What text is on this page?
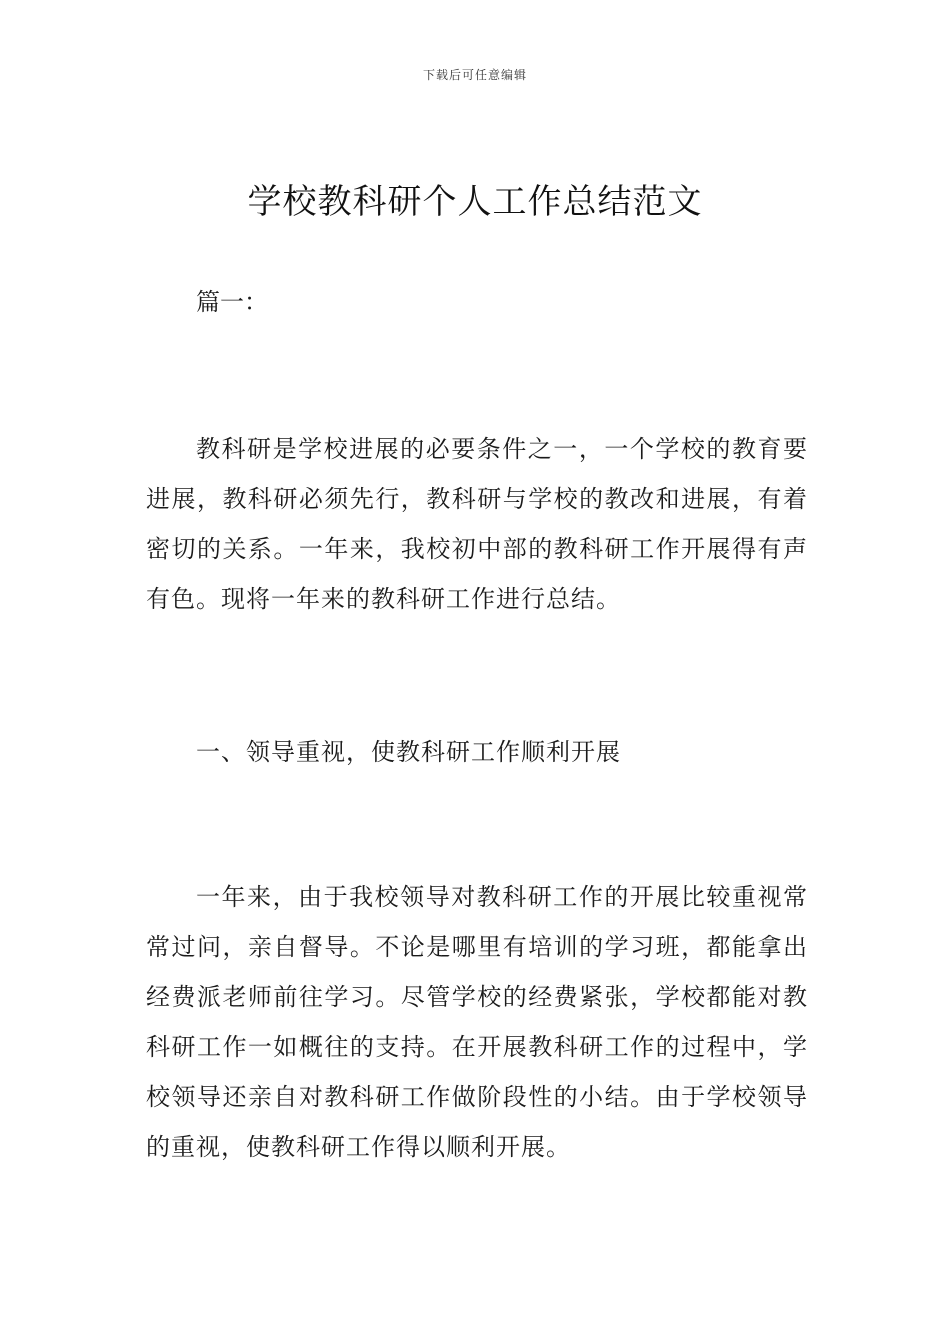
下载后可任意编辑
学校教科研个人工作总结范文

篇一：

教科研是学校进展的必要条件之一，一个学校的教育要进展，教科研必须先行，教科研与学校的教改和进展，有着密切的关系。一年来，我校初中部的教科研工作开展得有声有色。现将一年来的教科研工作进行总结。

一、领导重视，使教科研工作顺利开展

一年来，由于我校领导对教科研工作的开展比较重视常常过问，亲自督导。不论是哪里有培训的学习班，都能拿出经费派老师前往学习。尽管学校的经费紧张，学校都能对教科研工作一如概往的支持。在开展教科研工作的过程中，学校领导还亲自对教科研工作做阶段性的小结。由于学校领导的重视，使教科研工作得以顺利开展。
